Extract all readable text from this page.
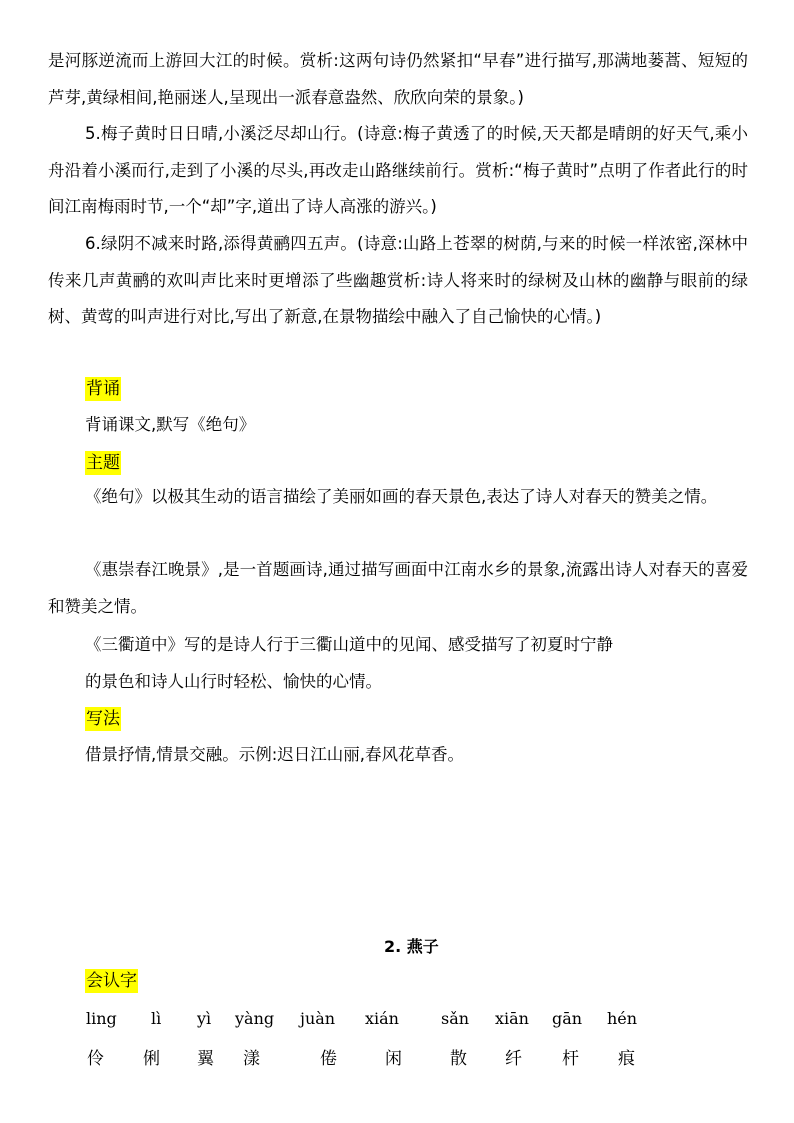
是河豚逆流而上游回大江的时候。赏析:这两句诗仍然紧扣“早春”进行描写,那满地蒌蒿、短短的芦芽,黄绿相间,艳丽迷人,呈现出一派春意盎然、欣欣向荣的景象。)

5.梅子黄时日日晴,小溪泛尽却山行。(诗意:梅子黄透了的时候,天天都是晴朗的好天气,乘小舟沿着小溪而行,走到了小溪的尽头,再改走山路继续前行。赏析:“梅子黄时”点明了作者此行的时间江南梅雨时节,一个“却”字,道出了诗人高涨的游兴。)

6.绿阴不减来时路,添得黄鹂四五声。(诗意:山路上苍翠的树荫,与来的时候一样浓密,深林中传来几声黄鹂的欢叫声比来时更增添了些幽趣赏析:诗人将来时的绿树及山林的幽静与眼前的绿树、黄莺的叫声进行对比,写出了新意,在景物描绘中融入了自己愉快的心情。)

背诵
背诵课文,默写《绝句》
主题

《绝句》以极其生动的语言描绘了美丽如画的春天景色,表达了诗人对春天的赞美之情。

《惠崇春江晚景》,是一首题画诗,通过描写画面中江南水乡的景象,流露出诗人对春天的喜爱和赞美之情。

《三衢道中》写的是诗人行于三衢山道中的见闻、感受描写了初夏时宁静
的景色和诗人山行时轻松、愉快的心情。
写法
借景抒情,情景交融。示例:迟日江山丽,春风花草香。
2. 燕子
会认字
ling lì yì yàng juàn xián	sǎn xiān gān hén
伶 俐 翼 漾	倦	闲	散 纤 杆 痕
